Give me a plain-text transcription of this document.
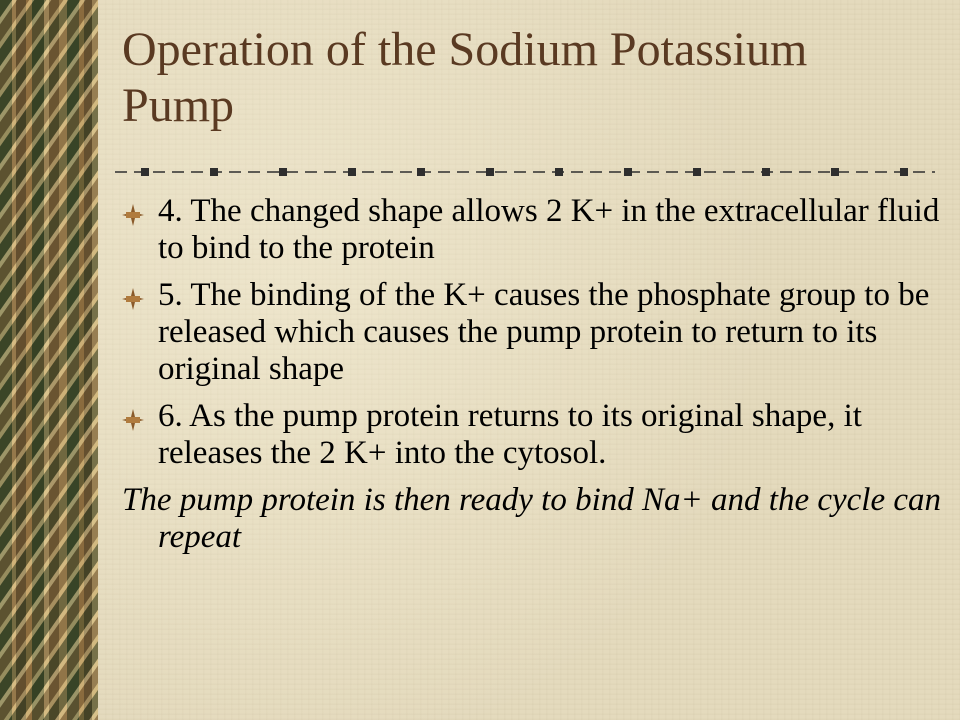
Operation of the Sodium Potassium Pump
4. The changed shape allows 2 K+ in the extracellular fluid to bind to the protein
5. The binding of the K+ causes the phosphate group to be released which causes the pump protein to return to its original shape
6. As the pump protein returns to its original shape, it releases the 2 K+ into the cytosol.
The pump protein is then ready to bind Na+ and the cycle can repeat
